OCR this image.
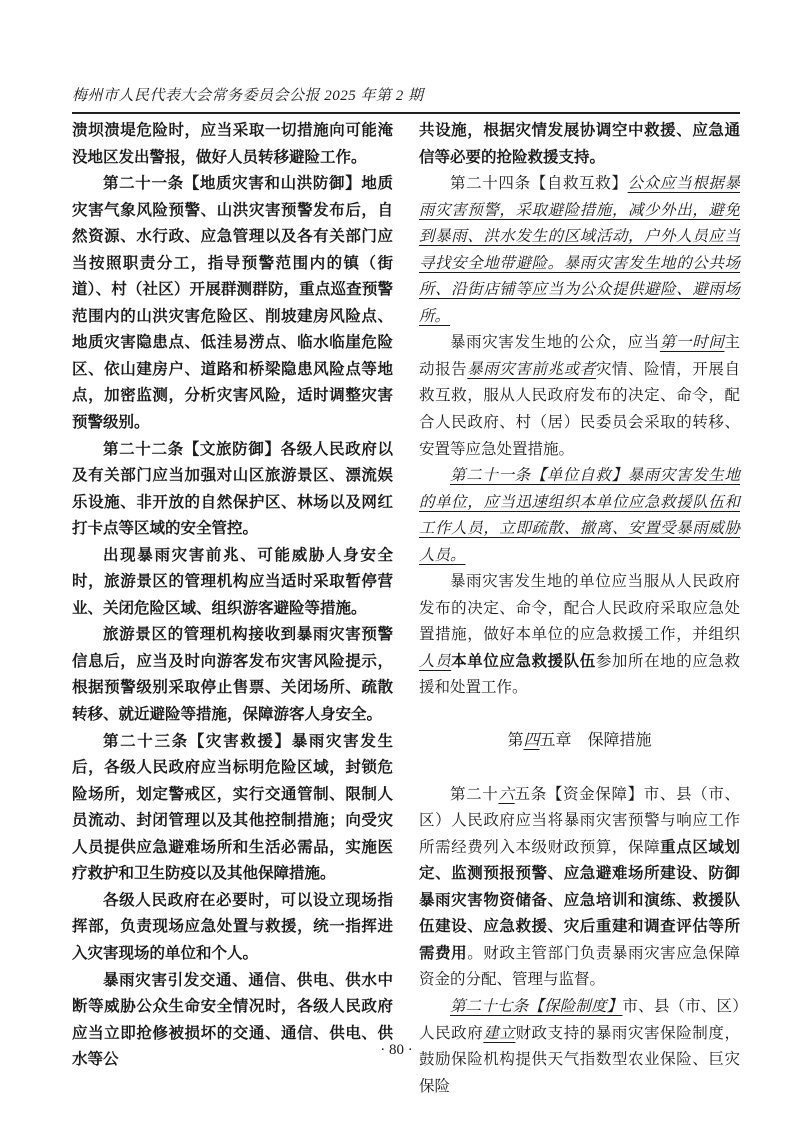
梅州市人民代表大会常务委员会公报 2025 年第 2 期
溃坝溃堤危险时，应当采取一切措施向可能淹没地区发出警报，做好人员转移避险工作。
第二十一条【地质灾害和山洪防御】地质灾害气象风险预警、山洪灾害预警发布后，自然资源、水行政、应急管理以及各有关部门应当按照职责分工，指导预警范围内的镇（街道）、村（社区）开展群测群防，重点巡查预警范围内的山洪灾害危险区、削坡建房风险点、地质灾害隐患点、低洼易涝点、临水临崖危险区、依山建房户、道路和桥梁隐患风险点等地点，加密监测，分析灾害风险，适时调整灾害预警级别。
第二十二条【文旅防御】各级人民政府以及有关部门应当加强对山区旅游景区、漂流娱乐设施、非开放的自然保护区、林场以及网红打卡点等区域的安全管控。
出现暴雨灾害前兆、可能威胁人身安全时，旅游景区的管理机构应当适时采取暂停营业、关闭危险区域、组织游客避险等措施。
旅游景区的管理机构接收到暴雨灾害预警信息后，应当及时向游客发布灾害风险提示，根据预警级别采取停止售票、关闭场所、疏散转移、就近避险等措施，保障游客人身安全。
第二十三条【灾害救援】暴雨灾害发生后，各级人民政府应当标明危险区域，封锁危险场所，划定警戒区，实行交通管制、限制人员流动、封闭管理以及其他控制措施；向受灾人员提供应急避难场所和生活必需品，实施医疗救护和卫生防疫以及其他保障措施。
各级人民政府在必要时，可以设立现场指挥部，负责现场应急处置与救援，统一指挥进入灾害现场的单位和个人。
暴雨灾害引发交通、通信、供电、供水中断等威胁公众生命安全情况时，各级人民政府应当立即抢修被损坏的交通、通信、供电、供水等公
共设施，根据灾情发展协调空中救援、应急通信等必要的抢险救援支持。
第二十四条【自救互救】公众应当根据暴雨灾害预警，采取避险措施，减少外出，避免到暴雨、洪水发生的区域活动，户外人员应当寻找安全地带避险。暴雨灾害发生地的公共场所、沿街店铺等应当为公众提供避险、避雨场所。
暴雨灾害发生地的公众，应当第一时间主动报告暴雨灾害前兆或者灾情、险情，开展自救互救，服从人民政府发布的决定、命令，配合人民政府、村（居）民委员会采取的转移、安置等应急处置措施。
第二十一条【单位自救】暴雨灾害发生地的单位，应当迅速组织本单位应急救援队伍和工作人员，立即疏散、撤离、安置受暴雨威胁人员。
暴雨灾害发生地的单位应当服从人民政府发布的决定、命令，配合人民政府采取应急处置措施，做好本单位的应急救援工作，并组织人员本单位应急救援队伍参加所在地的应急救援和处置工作。
第四五章　保障措施
第二十六五条【资金保障】市、县（市、区）人民政府应当将暴雨灾害预警与响应工作所需经费列入本级财政预算，保障重点区域划定、监测预报预警、应急避难场所建设、防御暴雨灾害物资储备、应急培训和演练、救援队伍建设、应急救援、灾后重建和调查评估等所需费用。财政主管部门负责暴雨灾害应急保障资金的分配、管理与监督。
第二十七条【保险制度】市、县（市、区）人民政府建立财政支持的暴雨灾害保险制度，鼓励保险机构提供天气指数型农业保险、巨灾保险
· 80 ·
